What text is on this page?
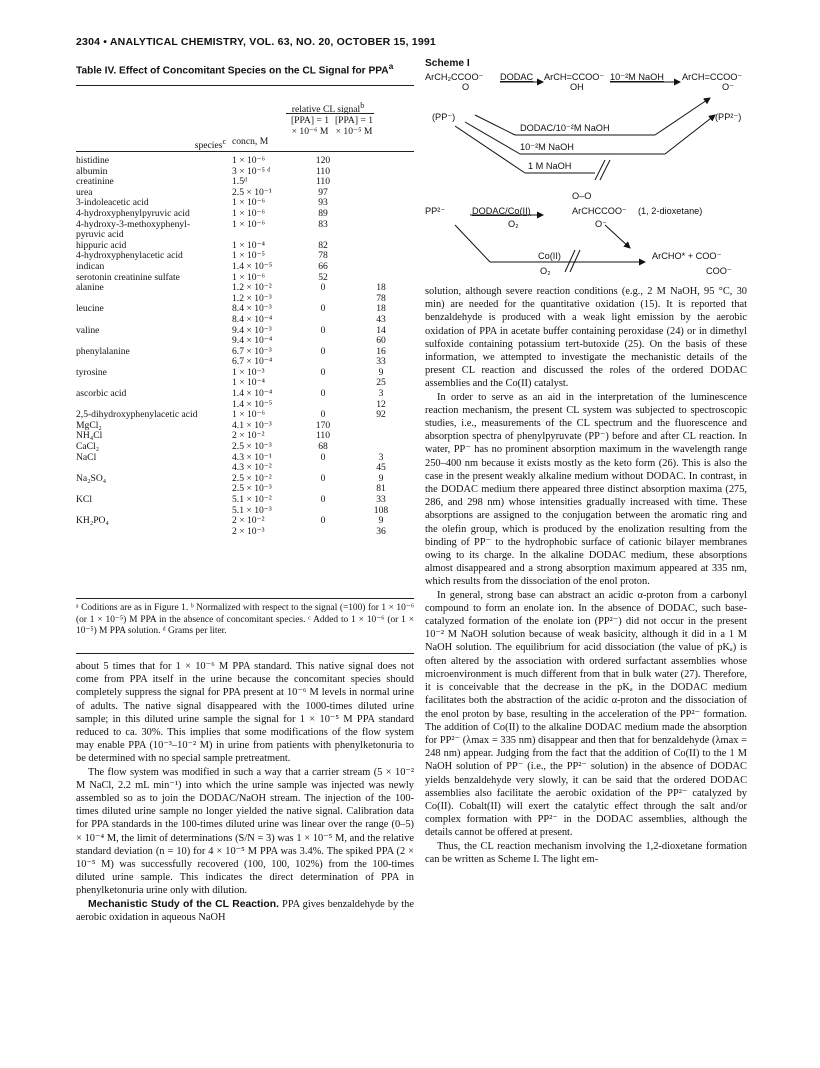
2304 • ANALYTICAL CHEMISTRY, VOL. 63, NO. 20, OCTOBER 15, 1991
Table IV. Effect of Concomitant Species on the CL Signal for PPA$^a$
relative CL signal$^b$
[PPA] = 1 × 10⁻⁶ M
[PPA] = 1 × 10⁻⁵ M
species$^c$ concn, M
histidine	1 × 10⁻⁶	120	
albumin	3 × 10⁻⁵ ᵈ	110	
creatinine	1.5ᵈ	110	
urea	2.5 × 10⁻¹	97	
3-indoleacetic acid	1 × 10⁻⁶	93	
4-hydroxyphenylpyruvic acid	1 × 10⁻⁶	89	
4-hydroxy-3-methoxyphenyl-	1 × 10⁻⁶	83	
pyruvic acid			
hippuric acid	1 × 10⁻⁴	82	
4-hydroxyphenylacetic acid	1 × 10⁻⁵	78	
indican	1.4 × 10⁻⁵	66	
serotonin creatinine sulfate	1 × 10⁻⁶	52	
alanine	1.2 × 10⁻²	0	18
	1.2 × 10⁻³		78
leucine	8.4 × 10⁻³	0	18
	8.4 × 10⁻⁴		43
valine	9.4 × 10⁻³	0	14
	9.4 × 10⁻⁴		60
phenylalanine	6.7 × 10⁻³	0	16
	6.7 × 10⁻⁴		33
tyrosine	1 × 10⁻³	0	9
	1 × 10⁻⁴		25
ascorbic acid	1.4 × 10⁻⁴	0	3
	1.4 × 10⁻⁵		12
2,5-dihydroxyphenylacetic acid	1 × 10⁻⁶	0	92
MgCl₂	4.1 × 10⁻³	170	
NH₄Cl	2 × 10⁻²	110	
CaCl₂	2.5 × 10⁻³	68	
NaCl	4.3 × 10⁻¹	0	3
	4.3 × 10⁻²		45
Na₂SO₄	2.5 × 10⁻²	0	9
	2.5 × 10⁻³		81
KCl	5.1 × 10⁻²	0	33
	5.1 × 10⁻³		108
KH₂PO₄	2 × 10⁻²	0	9
	2 × 10⁻³		36
ᵃ Coditions are as in Figure 1. ᵇ Normalized with respect to the signal (=100) for 1 × 10⁻⁶ (or 1 × 10⁻⁵) M PPA in the absence of concomitant species. ᶜ Added to 1 × 10⁻⁶ (or 1 × 10⁻⁵) M PPA solution. ᵈ Grams per liter.

about 5 times that for 1 × 10⁻⁶ M PPA standard. This native signal does not come from PPA itself in the urine because the concomitant species should completely suppress the signal for PPA present at 10⁻⁶ M levels in normal urine of adults. The native signal disappeared with the 1000-times diluted urine sample; in this diluted urine sample the signal for 1 × 10⁻⁵ M PPA standard reduced to ca. 30%. This implies that some modifications of the flow system may enable PPA (10⁻³–10⁻² M) in urine from patients with phenylketonuria to be determined with no special sample pretreatment.

The flow system was modified in such a way that a carrier stream (5 × 10⁻² M NaCl, 2.2 mL min⁻¹) into which the urine sample was injected was newly assembled so as to join the DODAC/NaOH stream. The injection of the 100-times diluted urine sample no longer yielded the native signal. Calibration data for PPA standards in the 100-times diluted urine was linear over the range (0–5) × 10⁻⁴ M, the limit of determinations (S/N = 3) was 1 × 10⁻⁵ M, and the relative standard deviation (n = 10) for 4 × 10⁻⁵ M PPA was 3.4%. The spiked PPA (2 × 10⁻⁵ M) was successfully recovered (100, 100, 102%) from the 100-times diluted urine sample. This indicates the direct determination of PPA in phenylketonuria urine only with dilution.

Mechanistic Study of the CL Reaction. PPA gives benzaldehyde by the aerobic oxidation in aqueous NaOH

Scheme I
ArCH₂CCOO⁻
O
DODAC ArCH=CCOO⁻
OH
10⁻²M NaOH ArCH=CCOO⁻
O⁻
(PP⁻)	(PP²⁻)
DODAC/10⁻²M NaOH
10⁻²M NaOH
1 M NaOH
O–O
PP²⁻	DODAC/Co(II)
O₂
ArCHCCOO⁻
O⁻
(1, 2-dioxetane)
Co(II)
O₂
ArCHO* + COO⁻
COO⁻

solution, although severe reaction conditions (e.g., 2 M NaOH, 95 °C, 30 min) are needed for the quantitative oxidation (15). It is reported that benzaldehyde is produced with a weak light emission by the aerobic oxidation of PPA in acetate buffer containing peroxidase (24) or in dimethyl sulfoxide containing potassium tert-butoxide (25). On the basis of these information, we attempted to investigate the mechanistic details of the present CL reaction and discussed the roles of the ordered DODAC assemblies and the Co(II) catalyst.

In order to serve as an aid in the interpretation of the luminescence reaction mechanism, the present CL system was subjected to spectroscopic studies, i.e., measurements of the CL spectrum and the fluorescence and absorption spectra of phenylpyruvate (PP⁻) before and after CL reaction. In water, PP⁻ has no prominent absorption maximum in the wavelength range 250–400 nm because it exists mostly as the keto form (26). This is also the case in the present weakly alkaline medium without DODAC. In contrast, in the DODAC medium there appeared three distinct absorption maxima (275, 286, and 298 nm) whose intensities gradually increased with time. These absorptions are assigned to the conjugation between the aromatic ring and the olefin group, which is produced by the enolization resulting from the binding of PP⁻ to the hydrophobic surface of cationic bilayer membranes owing to its charge. In the alkaline DODAC medium, these absorptions almost disappeared and a strong absorption maximum appeared at 335 nm, which results from the dissociation of the enol proton.

In general, strong base can abstract an acidic α-proton from a carbonyl compound to form an enolate ion. In the absence of DODAC, such base-catalyzed formation of the enolate ion (PP²⁻) did not occur in the present 10⁻² M NaOH solution because of weak basicity, although it did in a 1 M NaOH solution. The equilibrium for acid dissociation (the value of pKₐ) is often altered by the association with ordered surfactant assemblies whose microenvironment is much different from that in bulk water (27). Therefore, it is conceivable that the decrease in the pKₐ in the DODAC medium facilitates both the abstraction of the acidic α-proton and the dissociation of the enol proton by base, resulting in the acceleration of the PP²⁻ formation. The addition of Co(II) to the alkaline DODAC medium made the absorption for PP²⁻ (λmax = 335 nm) disappear and then that for benzaldehyde (λmax = 248 nm) appear. Judging from the fact that the addition of Co(II) to the 1 M NaOH solution of PP⁻ (i.e., the PP²⁻ solution) in the absence of DODAC yields benzaldehyde very slowly, it can be said that the ordered DODAC assemblies also facilitate the aerobic oxidation of the PP²⁻ catalyzed by Co(II). Cobalt(II) will exert the catalytic effect through the salt and/or complex formation with PP²⁻ in the DODAC assemblies, although the details cannot be offered at present.

Thus, the CL reaction mechanism involving the 1,2-dioxetane formation can be written as Scheme I. The light em-
